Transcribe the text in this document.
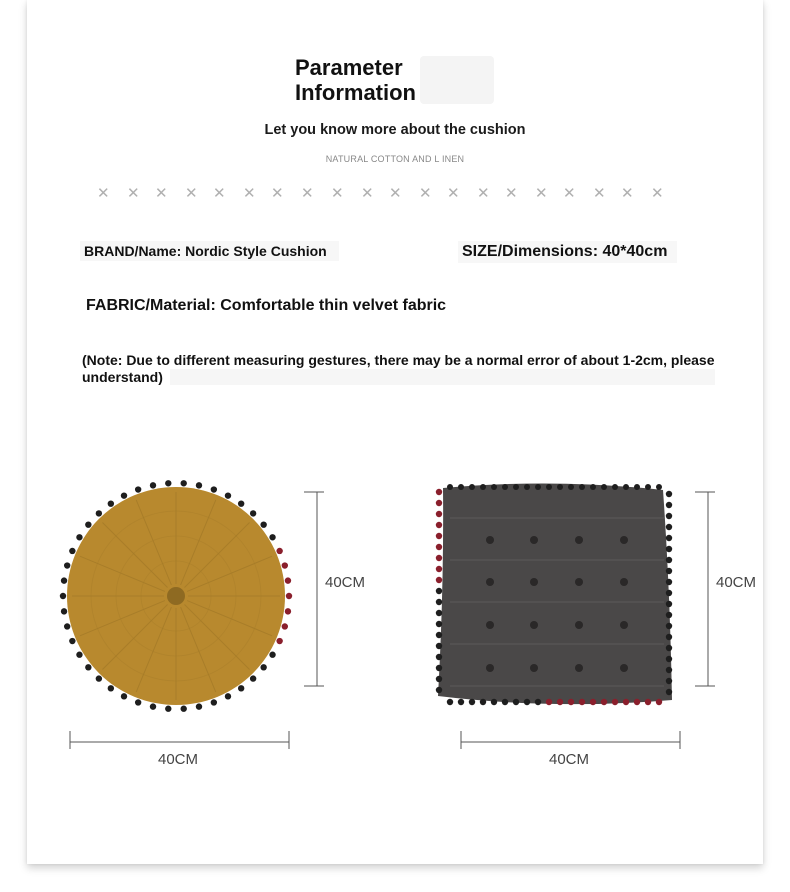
Parameter
Information
Let you know more about the cushion
NATURAL COTTON AND L INEN
✕ ✕ ✕ ✕ ✕ ✕ ✕ ✕ ✕ ✕ ✕ ✕ ✕ ✕ ✕ ✕ ✕ ✕ ✕ ✕
BRAND/Name: Nordic Style Cushion	SIZE/Dimensions: 40*40cm
FABRIC/Material: Comfortable thin velvet fabric
(Note: Due to different measuring gestures, there may be a normal error of about 1-2cm, please understand)
40CM
40CM
40CM
40CM
